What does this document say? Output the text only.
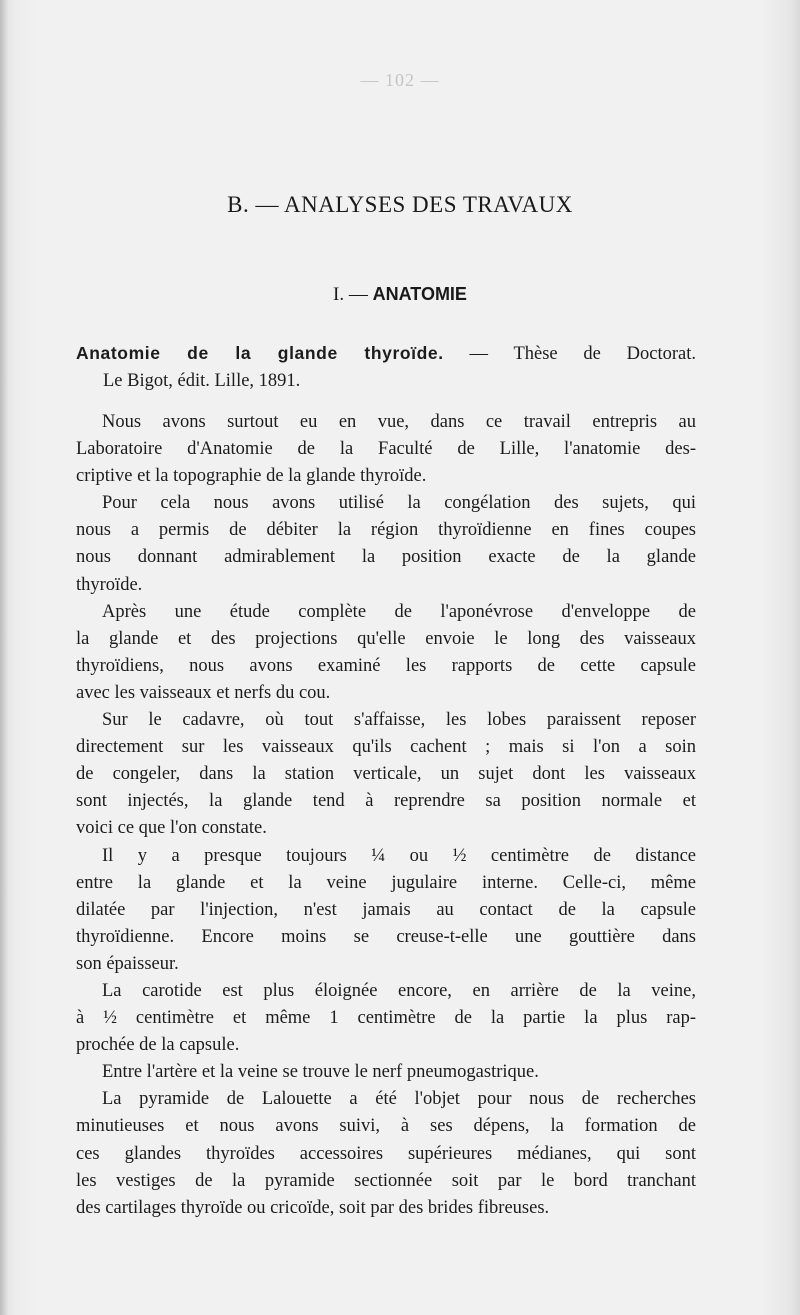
— 102 —
B. — ANALYSES DES TRAVAUX
I. — ANATOMIE
Anatomie de la glande thyroïde. — Thèse de Doctorat.
Le Bigot, édit. Lille, 1891.
Nous avons surtout eu en vue, dans ce travail entrepris au
Laboratoire d'Anatomie de la Faculté de Lille, l'anatomie des-
criptive et la topographie de la glande thyroïde.
Pour cela nous avons utilisé la congélation des sujets, qui
nous a permis de débiter la région thyroïdienne en fines coupes
nous donnant admirablement la position exacte de la glande
thyroïde.
Après une étude complète de l'aponévrose d'enveloppe de
la glande et des projections qu'elle envoie le long des vaisseaux
thyroïdiens, nous avons examiné les rapports de cette capsule
avec les vaisseaux et nerfs du cou.
Sur le cadavre, où tout s'affaisse, les lobes paraissent reposer
directement sur les vaisseaux qu'ils cachent ; mais si l'on a soin
de congeler, dans la station verticale, un sujet dont les vaisseaux
sont injectés, la glande tend à reprendre sa position normale et
voici ce que l'on constate.
Il y a presque toujours ¼ ou ½ centimètre de distance
entre la glande et la veine jugulaire interne. Celle-ci, même
dilatée par l'injection, n'est jamais au contact de la capsule
thyroïdienne. Encore moins se creuse-t-elle une gouttière dans
son épaisseur.
La carotide est plus éloignée encore, en arrière de la veine,
à ½ centimètre et même 1 centimètre de la partie la plus rap-
prochée de la capsule.
Entre l'artère et la veine se trouve le nerf pneumogastrique.
La pyramide de Lalouette a été l'objet pour nous de recherches
minutieuses et nous avons suivi, à ses dépens, la formation de
ces glandes thyroïdes accessoires supérieures médianes, qui sont
les vestiges de la pyramide sectionnée soit par le bord tranchant
des cartilages thyroïde ou cricoïde, soit par des brides fibreuses.
